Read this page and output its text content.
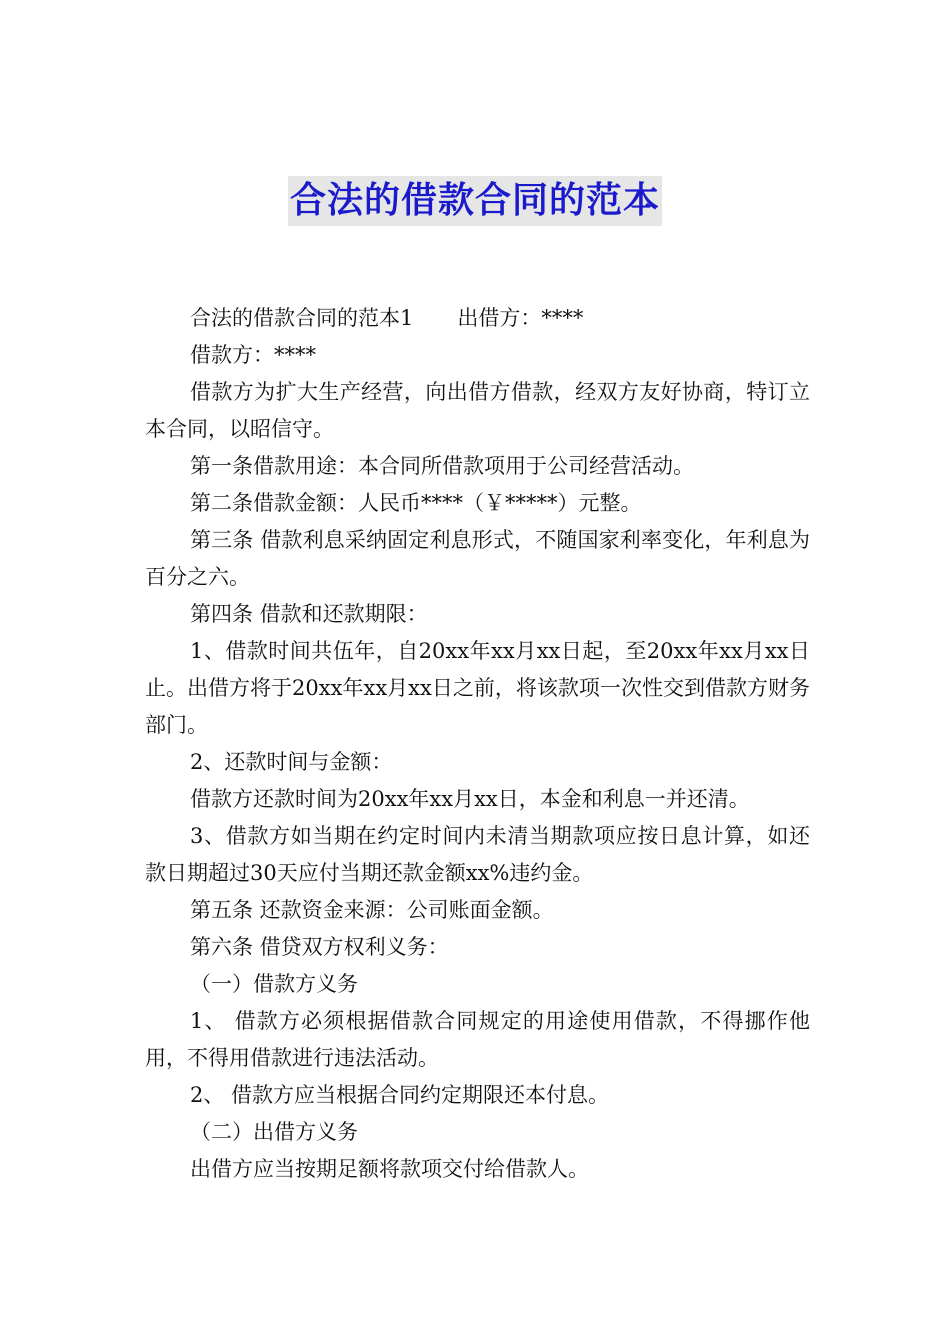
合法的借款合同的范本

合法的借款合同的范本1 出借方：****

借款方：****

借款方为扩大生产经营，向出借方借款，经双方友好协商，特订立本合同，以昭信守。

第一条借款用途：本合同所借款项用于公司经营活动。

第二条借款金额：人民币****（￥*****）元整。

第三条 借款利息采纳固定利息形式，不随国家利率变化，年利息为百分之六。

第四条 借款和还款期限：

1、借款时间共伍年，自20xx年xx月xx日起，至20xx年xx月xx日止。出借方将于20xx年xx月xx日之前，将该款项一次性交到借款方财务部门。

2、还款时间与金额：

借款方还款时间为20xx年xx月xx日，本金和利息一并还清。

3、借款方如当期在约定时间内未清当期款项应按日息计算，如还款日期超过30天应付当期还款金额xx%违约金。

第五条 还款资金来源：公司账面金额。

第六条 借贷双方权利义务：

（一）借款方义务

1、 借款方必须根据借款合同规定的用途使用借款，不得挪作他用，不得用借款进行违法活动。

2、 借款方应当根据合同约定期限还本付息。

（二）出借方义务

出借方应当按期足额将款项交付给借款人。
